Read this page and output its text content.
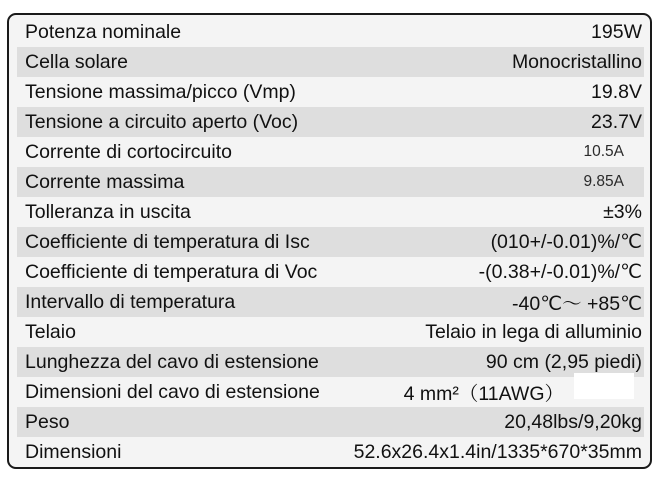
Potenza nominale	195W
Cella solare	Monocristallino
Tensione massima/picco (Vmp)	19.8V
Tensione a circuito aperto (Voc)	23.7V
Corrente di cortocircuito	10.5A
Corrente massima	9.85A
Tolleranza in uscita	±3%
Coefficiente di temperatura di Isc	(010+/-0.01)%/℃
Coefficiente di temperatura di Voc	-(0.38+/-0.01)%/℃
Intervallo di temperatura	-40℃～ +85℃
Telaio	Telaio in lega di alluminio
Lunghezza del cavo di estensione	90 cm (2,95 piedi)
Dimensioni del cavo di estensione	4 mm²（11AWG）
Peso	20,48lbs/9,20kg
Dimensioni	52.6x26.4x1.4in/1335*670*35mm
